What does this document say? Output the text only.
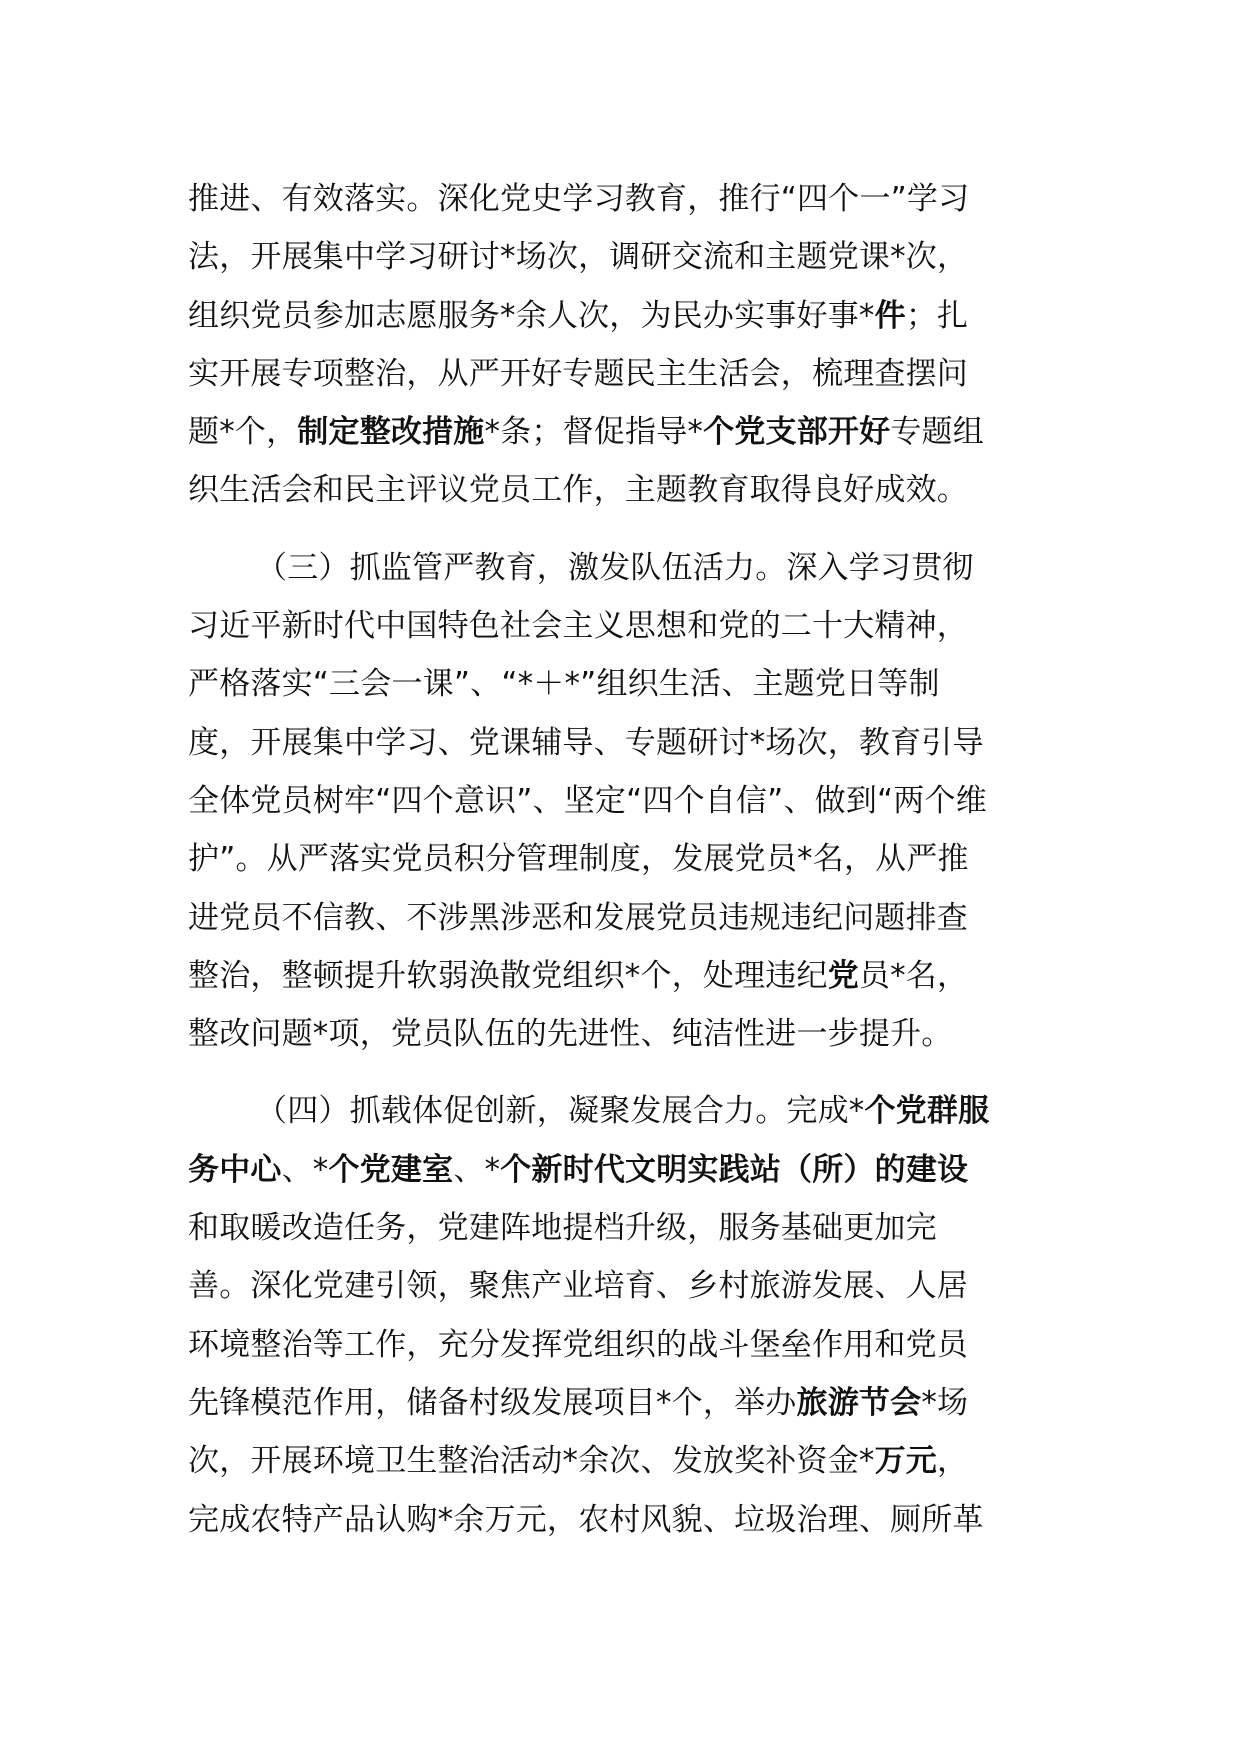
推进、有效落实。深化党史学习教育，推行“四个一”学习
法，开展集中学习研讨*场次，调研交流和主题党课*次，
组织党员参加志愿服务*余人次，为民办实事好事*件；扎
实开展专项整治，从严开好专题民主生活会，梳理查摆问
题*个，制定整改措施*条；督促指导*个党支部开好专题组
织生活会和民主评议党员工作，主题教育取得良好成效。
（三）抓监管严教育，激发队伍活力。深入学习贯彻
习近平新时代中国特色社会主义思想和党的二十大精神，
严格落实“三会一课”、“*＋*”组织生活、主题党日等制
度，开展集中学习、党课辅导、专题研讨*场次，教育引导
全体党员树牢“四个意识”、坚定“四个自信”、做到“两个维
护”。从严落实党员积分管理制度，发展党员*名，从严推
进党员不信教、不涉黑涉恶和发展党员违规违纪问题排查
整治，整顿提升软弱涣散党组织*个，处理违纪党员*名，
整改问题*项，党员队伍的先进性、纯洁性进一步提升。
（四）抓载体促创新，凝聚发展合力。完成*个党群服
务中心、*个党建室、*个新时代文明实践站（所）的建设
和取暖改造任务，党建阵地提档升级，服务基础更加完
善。深化党建引领，聚焦产业培育、乡村旅游发展、人居
环境整治等工作，充分发挥党组织的战斗堡垒作用和党员
先锋模范作用，储备村级发展项目*个，举办旅游节会*场
次，开展环境卫生整治活动*余次、发放奖补资金*万元，
完成农特产品认购*余万元，农村风貌、垃圾治理、厕所革
